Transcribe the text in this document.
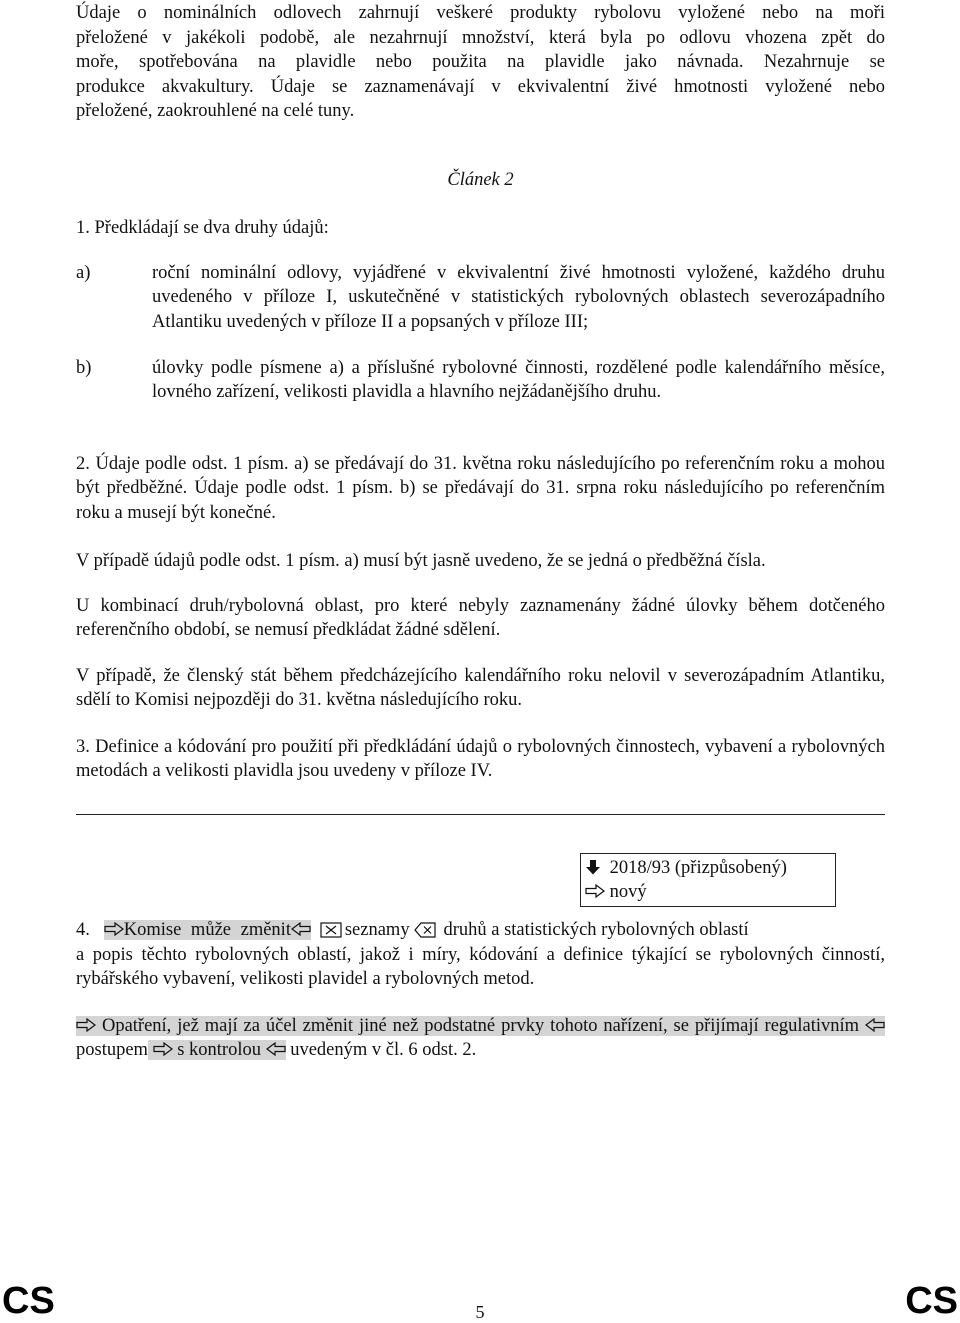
Údaje o nominálních odlovech zahrnují veškeré produkty rybolovu vyložené nebo na moři
přeložené v jakékoli podobě, ale nezahrnují množství, která byla po odlovu vhozena zpět do
moře, spotřebována na plavidle nebo použita na plavidle jako návnada. Nezahrnuje se
produkce akvakultury. Údaje se zaznamenávají v ekvivalentní živé hmotnosti vyložené nebo
přeložené, zaokrouhlené na celé tuny.
Článek 2
1. Předkládají se dva druhy údajů:
a)	roční nominální odlovy, vyjádřené v ekvivalentní živé hmotnosti vyložené, každého druhu uvedeného v příloze I, uskutečněné v statistických rybolovných oblastech severozápadního Atlantiku uvedených v příloze II a popsaných v příloze III;
b)	úlovky podle písmene a) a příslušné rybolovné činnosti, rozdělené podle kalendářního měsíce, lovného zařízení, velikosti plavidla a hlavního nejžádanějšího druhu.
2. Údaje podle odst. 1 písm. a) se předávají do 31. května roku následujícího po referenčním roku a mohou být předběžné. Údaje podle odst. 1 písm. b) se předávají do 31. srpna roku následujícího po referenčním roku a musejí být konečné.
V případě údajů podle odst. 1 písm. a) musí být jasně uvedeno, že se jedná o předběžná čísla.
U kombinací druh/rybolovná oblast, pro které nebyly zaznamenány žádné úlovky během dotčeného referenčního období, se nemusí předkládat žádné sdělení.
V případě, že členský stát během předcházejícího kalendářního roku nelovil v severozápadním Atlantiku, sdělí to Komisi nejpozději do 31. května následujícího roku.
3. Definice a kódování pro použití při předkládání údajů o rybolovných činnostech, vybavení a rybolovných metodách a velikosti plavidla jsou uvedeny v příloze IV.
2018/93 (přizpůsobený)
nový
4. Komise může změnit
	seznamy druhů a statistických rybolovných oblastí
a popis těchto rybolovných oblastí, jakož i míry, kódování a definice týkající se rybolovných činností, rybářského vybavení, velikosti plavidel a rybolovných metod.
Opatření, jež mají za účel změnit jiné než podstatné prvky tohoto nařízení, se přijímají regulativním
postupem s kontrolou uvedeným v čl. 6 odst. 2.
CS	5	CS
